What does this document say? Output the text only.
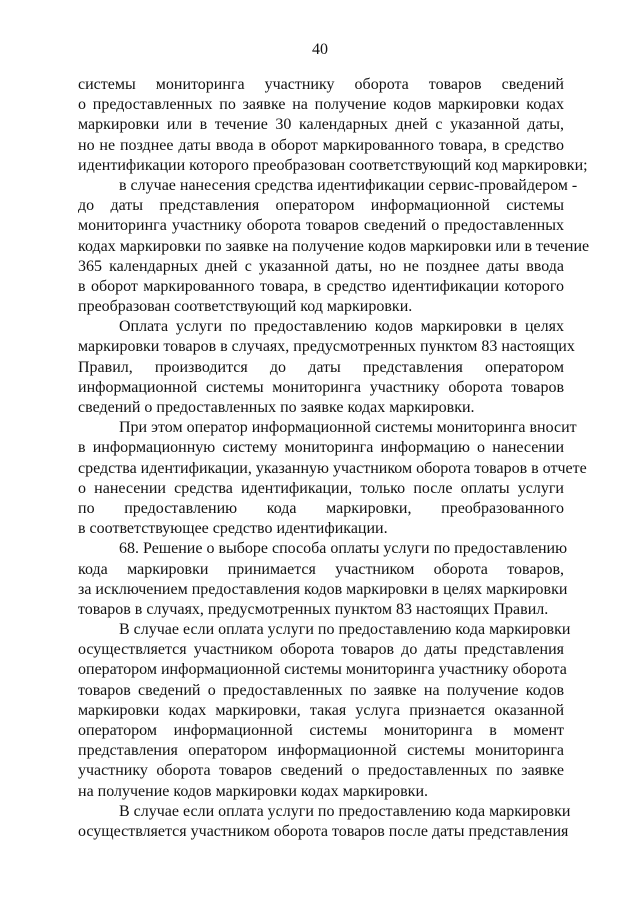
40
системы мониторинга участнику оборота товаров сведений
о предоставленных по заявке на получение кодов маркировки кодах
маркировки или в течение 30 календарных дней с указанной даты,
но не позднее даты ввода в оборот маркированного товара, в средство
идентификации которого преобразован соответствующий код маркировки;
в случае нанесения средства идентификации сервис-провайдером -
до даты представления оператором информационной системы
мониторинга участнику оборота товаров сведений о предоставленных
кодах маркировки по заявке на получение кодов маркировки или в течение
365 календарных дней с указанной даты, но не позднее даты ввода
в оборот маркированного товара, в средство идентификации которого
преобразован соответствующий код маркировки.
Оплата услуги по предоставлению кодов маркировки в целях
маркировки товаров в случаях, предусмотренных пунктом 83 настоящих
Правил, производится до даты представления оператором
информационной системы мониторинга участнику оборота товаров
сведений о предоставленных по заявке кодах маркировки.
При этом оператор информационной системы мониторинга вносит
в информационную систему мониторинга информацию о нанесении
средства идентификации, указанную участником оборота товаров в отчете
о нанесении средства идентификации, только после оплаты услуги
по предоставлению кода маркировки, преобразованного
в соответствующее средство идентификации.
68. Решение о выборе способа оплаты услуги по предоставлению
кода маркировки принимается участником оборота товаров,
за исключением предоставления кодов маркировки в целях маркировки
товаров в случаях, предусмотренных пунктом 83 настоящих Правил.
В случае если оплата услуги по предоставлению кода маркировки
осуществляется участником оборота товаров до даты представления
оператором информационной системы мониторинга участнику оборота
товаров сведений о предоставленных по заявке на получение кодов
маркировки кодах маркировки, такая услуга признается оказанной
оператором информационной системы мониторинга в момент
представления оператором информационной системы мониторинга
участнику оборота товаров сведений о предоставленных по заявке
на получение кодов маркировки кодах маркировки.
В случае если оплата услуги по предоставлению кода маркировки
осуществляется участником оборота товаров после даты представления
